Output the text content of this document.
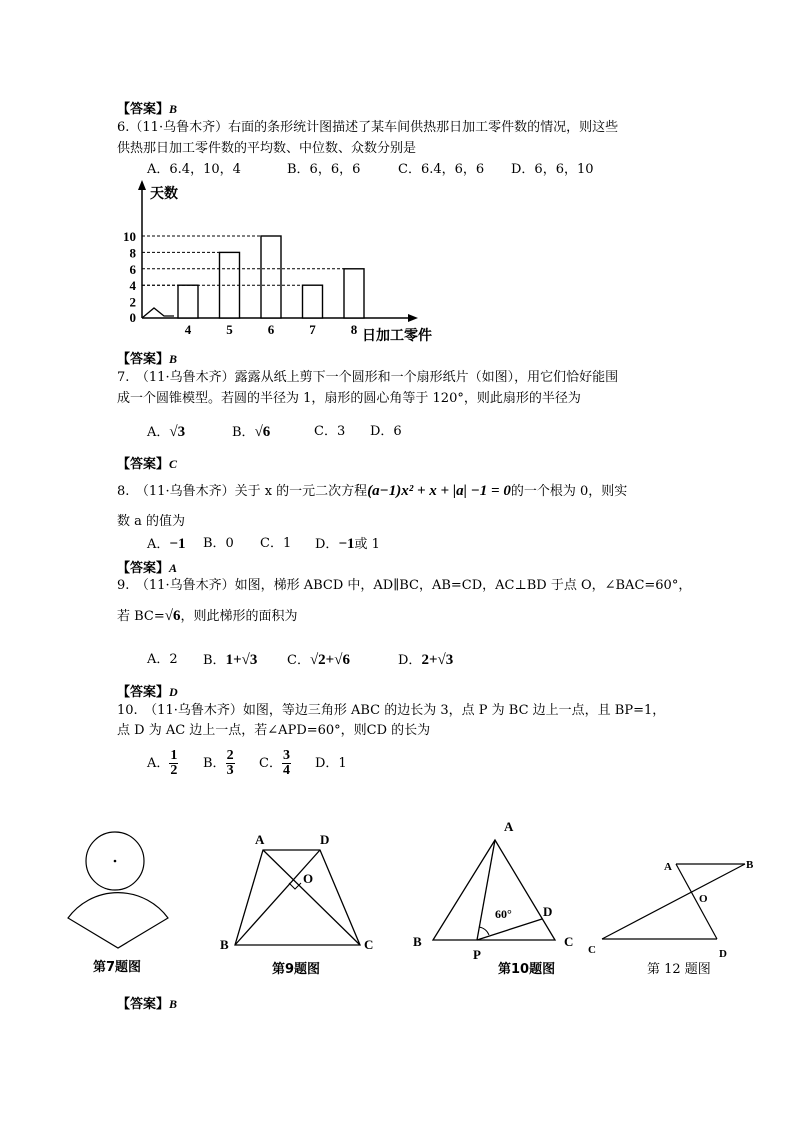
【答案】B
6.（11·乌鲁木齐）右面的条形统计图描述了某车间供热那日加工零件数的情况，则这些
供热那日加工零件数的平均数、中位数、众数分别是
A．6.4，10，4	B．6，6，6	C．6.4，6，6 D．6，6，10
0
2
4
6
8
10
天数
4	5	6	7	8 日加工零件
【答案】B
7.　（11·乌鲁木齐）露露从纸上剪下一个圆形和一个扇形纸片（如图），用它们恰好能围
成一个圆锥模型。若圆的半径为 1，扇形的圆心角等于 120°，则此扇形的半径为
A．√3	B．√6	C．3 D．6
【答案】C
8.　（11·乌鲁木齐）关于 x 的一元二次方程(a−1)x² + x + |a| −1 = 0的一个根为 0，则实
数 a 的值为
A．−1 B．0 C．1 D．−1或 1
【答案】A
9.　（11·乌鲁木齐）如图，梯形 ABCD 中，AD∥BC，AB=CD，AC⊥BD 于点 O，∠BAC=60°，
若 BC=√6，则此梯形的面积为
A．2 B．1+√3 C．√2+√6	D．2+√3
【答案】D
10.　（11·乌鲁木齐）如图，等边三角形 ABC 的边长为 3，点 P 为 BC 边上一点，且 BP=1，
点 D 为 AC 边上一点，若∠APD=60°，则CD 的长为
A． $\frac{1}{2}$ B． $\frac{2}{3}$ C． $\frac{3}{4}$ D．1
第7题图
A	D
O
B	C
第9题图
A
60° D
B
P
C
第10题图
A	B
O
C	D
第 12 题图
【答案】B
